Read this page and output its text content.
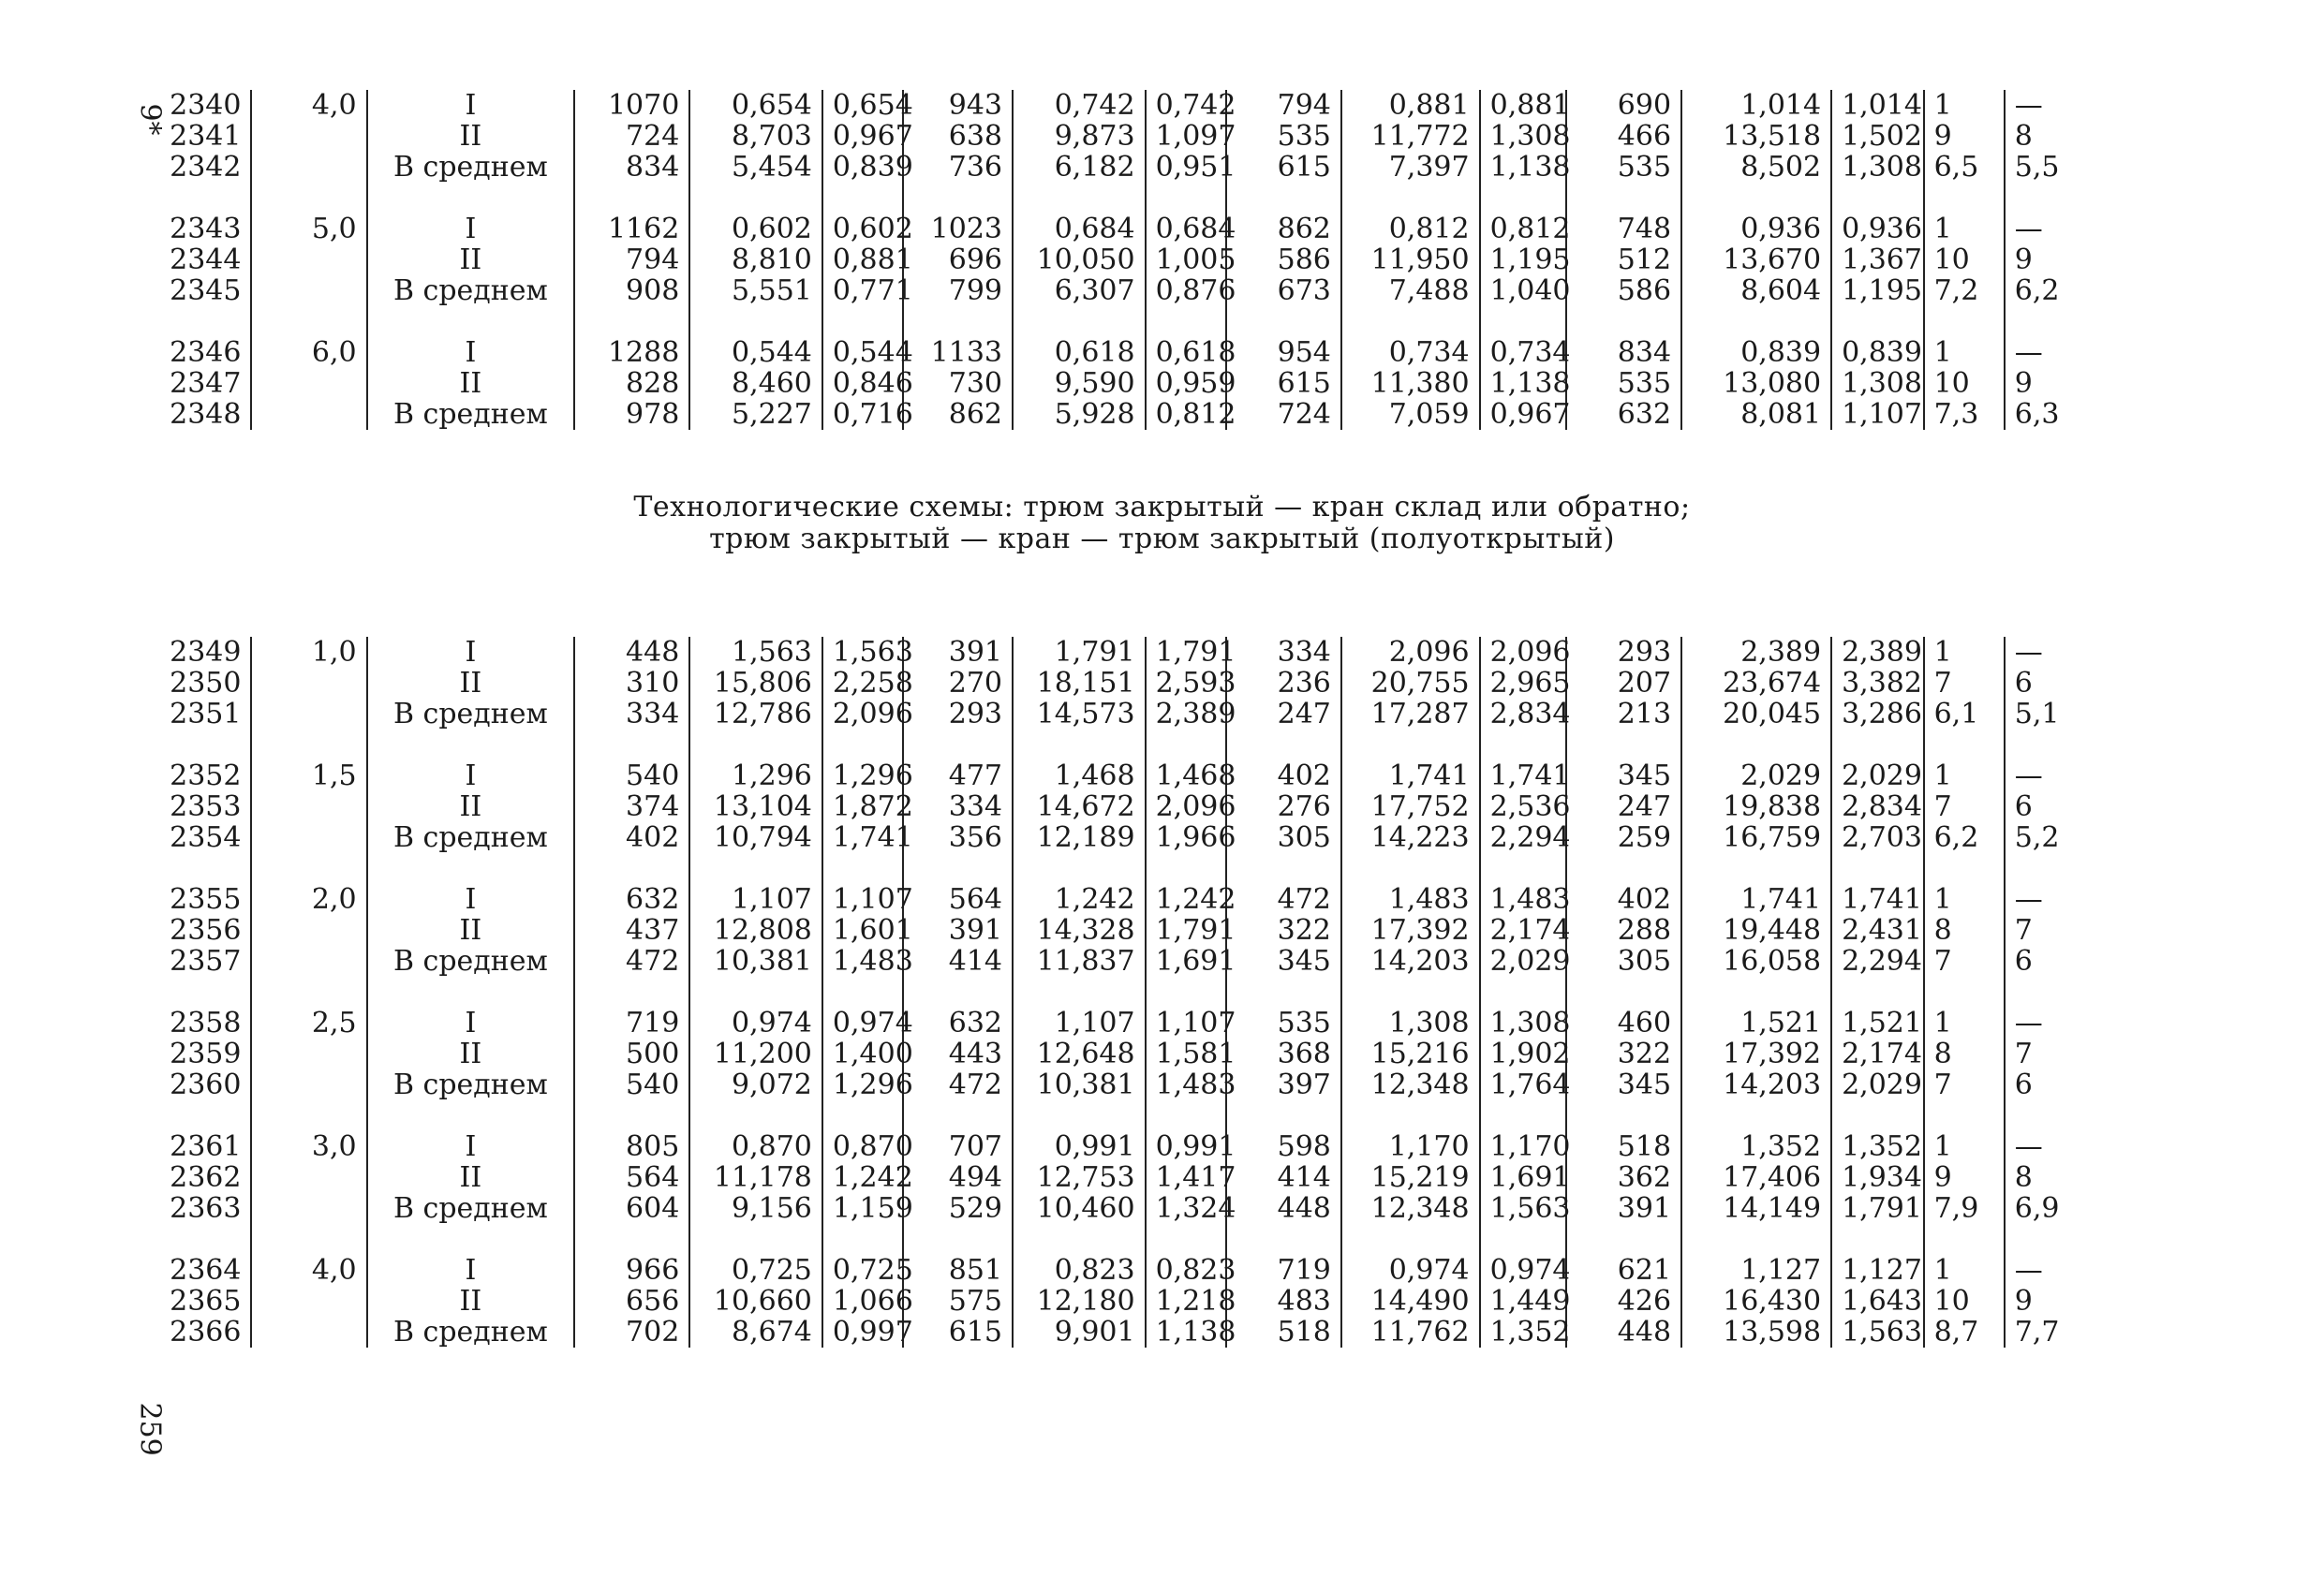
9*
259
2340	4,0	I	1070	0,654	0,654	943	0,742	0,742	794	0,881	0,881	690	1,014	1,014	1	—
2341		II	724	8,703	0,967	638	9,873	1,097	535	11,772	1,308	466	13,518	1,502	9	8
2342		В среднем	834	5,454	0,839	736	6,182	0,951	615	7,397	1,138	535	8,502	1,308	6,5	5,5

2343	5,0	I	1162	0,602	0,602	1023	0,684	0,684	862	0,812	0,812	748	0,936	0,936	1	—
2344		II	794	8,810	0,881	696	10,050	1,005	586	11,950	1,195	512	13,670	1,367	10	9
2345		В среднем	908	5,551	0,771	799	6,307	0,876	673	7,488	1,040	586	8,604	1,195	7,2	6,2

2346	6,0	I	1288	0,544	0,544	1133	0,618	0,618	954	0,734	0,734	834	0,839	0,839	1	—
2347		II	828	8,460	0,846	730	9,590	0,959	615	11,380	1,138	535	13,080	1,308	10	9
2348		В среднем	978	5,227	0,716	862	5,928	0,812	724	7,059	0,967	632	8,081	1,107	7,3	6,3
Технологические схемы: трюм закрытый — кран склад или обратно;
трюм закрытый — кран — трюм закрытый (полуоткрытый)
2349	1,0	I	448	1,563	1,563	391	1,791	1,791	334	2,096	2,096	293	2,389	2,389	1	—
2350		II	310	15,806	2,258	270	18,151	2,593	236	20,755	2,965	207	23,674	3,382	7	6
2351		В среднем	334	12,786	2,096	293	14,573	2,389	247	17,287	2,834	213	20,045	3,286	6,1	5,1

2352	1,5	I	540	1,296	1,296	477	1,468	1,468	402	1,741	1,741	345	2,029	2,029	1	—
2353		II	374	13,104	1,872	334	14,672	2,096	276	17,752	2,536	247	19,838	2,834	7	6
2354		В среднем	402	10,794	1,741	356	12,189	1,966	305	14,223	2,294	259	16,759	2,703	6,2	5,2

2355	2,0	I	632	1,107	1,107	564	1,242	1,242	472	1,483	1,483	402	1,741	1,741	1	—
2356		II	437	12,808	1,601	391	14,328	1,791	322	17,392	2,174	288	19,448	2,431	8	7
2357		В среднем	472	10,381	1,483	414	11,837	1,691	345	14,203	2,029	305	16,058	2,294	7	6

2358	2,5	I	719	0,974	0,974	632	1,107	1,107	535	1,308	1,308	460	1,521	1,521	1	—
2359		II	500	11,200	1,400	443	12,648	1,581	368	15,216	1,902	322	17,392	2,174	8	7
2360		В среднем	540	9,072	1,296	472	10,381	1,483	397	12,348	1,764	345	14,203	2,029	7	6

2361	3,0	I	805	0,870	0,870	707	0,991	0,991	598	1,170	1,170	518	1,352	1,352	1	—
2362		II	564	11,178	1,242	494	12,753	1,417	414	15,219	1,691	362	17,406	1,934	9	8
2363		В среднем	604	9,156	1,159	529	10,460	1,324	448	12,348	1,563	391	14,149	1,791	7,9	6,9

2364	4,0	I	966	0,725	0,725	851	0,823	0,823	719	0,974	0,974	621	1,127	1,127	1	—
2365		II	656	10,660	1,066	575	12,180	1,218	483	14,490	1,449	426	16,430	1,643	10	9
2366		В среднем	702	8,674	0,997	615	9,901	1,138	518	11,762	1,352	448	13,598	1,563	8,7	7,7
